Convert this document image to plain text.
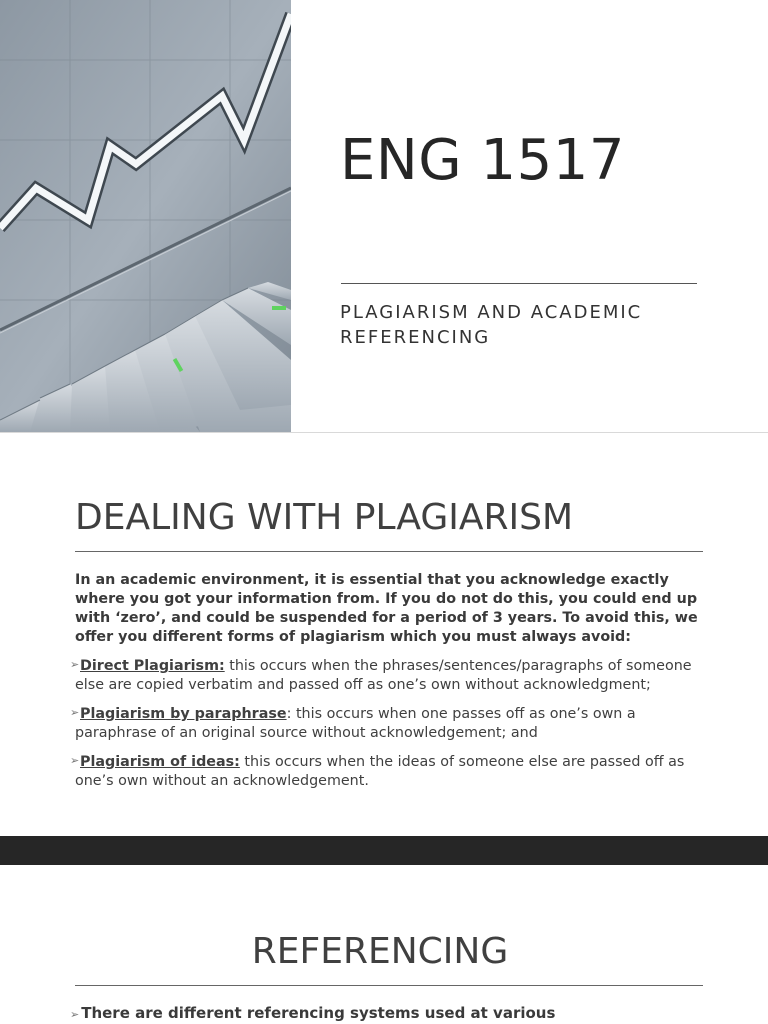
ENG 1517
PLAGIARISM AND ACADEMIC REFERENCING
DEALING WITH PLAGIARISM
In an academic environment, it is essential that you acknowledge exactly where you got your information from. If you do not do this, you could end up with ‘zero’, and could be suspended for a period of 3 years. To avoid this, we offer you different forms of plagiarism which you must always avoid:
➢ Direct Plagiarism: this occurs when the phrases/sentences/paragraphs of someone else are copied verbatim and passed off as one’s own without acknowledgment;
➢ Plagiarism by paraphrase: this occurs when one passes off as one’s own a paraphrase of an original source without acknowledgement; and
➢ Plagiarism of ideas: this occurs when the ideas of someone else are passed off as one’s own without an acknowledgement.
REFERENCING
➢ There are different referencing systems used at various
